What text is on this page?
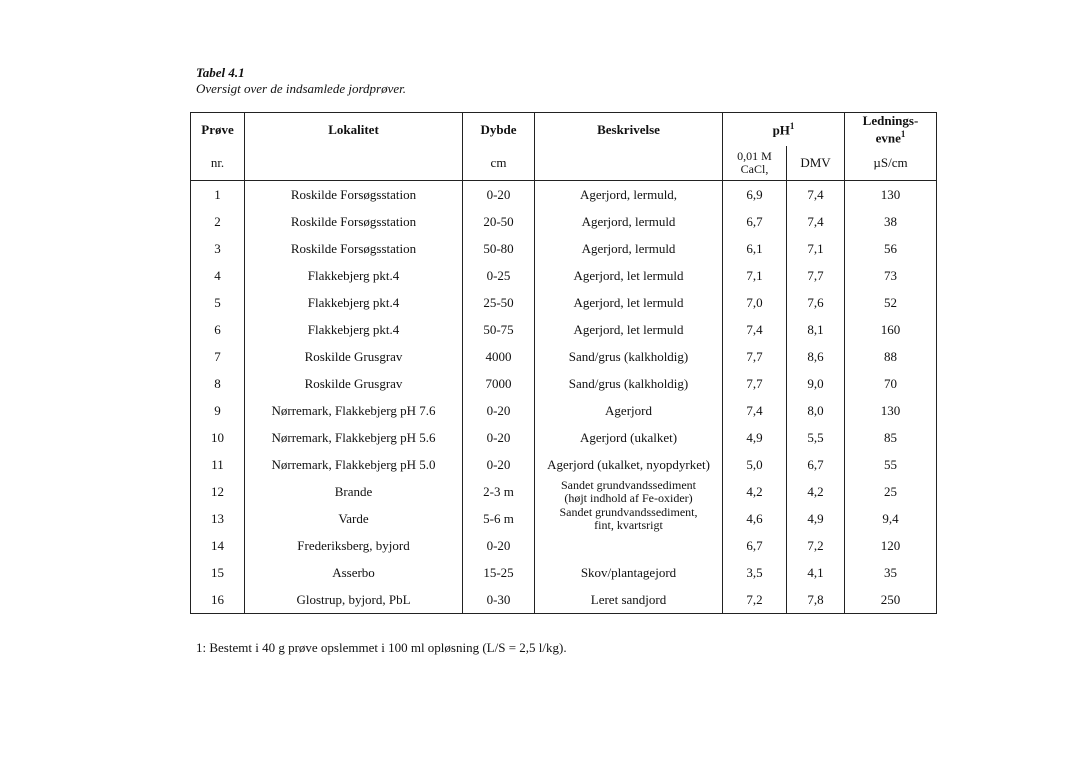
Tabel 4.1
Oversigt over de indsamlede jordprøver.
Prøve	Lokalitet	Dybde	Beskrivelse	$pH^1$		Lednings-
evne$^1$

nr.		cm		0,01 M
CaCl,	DMV	µS/cm
1	Roskilde Forsøgsstation	0-20	Agerjord, lermuld,	6,9	7,4	130
2	Roskilde Forsøgsstation	20-50	Agerjord, lermuld	6,7	7,4	38
3	Roskilde Forsøgsstation	50-80	Agerjord, lermuld	6,1	7,1	56
4	Flakkebjerg pkt.4	0-25	Agerjord, let lermuld	7,1	7,7	73
5	Flakkebjerg pkt.4	25-50	Agerjord, let lermuld	7,0	7,6	52
6	Flakkebjerg pkt.4	50-75	Agerjord, let lermuld	7,4	8,1	160
7	Roskilde Grusgrav	4000	Sand/grus (kalkholdig)	7,7	8,6	88
8	Roskilde Grusgrav	7000	Sand/grus (kalkholdig)	7,7	9,0	70
9	Nørremark, Flakkebjerg pH 7.6	0-20	Agerjord	7,4	8,0	130
10	Nørremark, Flakkebjerg pH 5.6	0-20	Agerjord (ukalket)	4,9	5,5	85
11	Nørremark, Flakkebjerg pH 5.0	0-20	Agerjord (ukalket, nyopdyrket)	5,0	6,7	55
12	Brande	2-3 m	Sandet grundvandssediment
(højt indhold af Fe-oxider)	4,2	4,2	25
13	Varde	5-6 m	Sandet grundvandssediment,
fint, kvartsrigt	4,6	4,9	9,4
14	Frederiksberg, byjord	0-20		6,7	7,2	120
15	Asserbo	15-25	Skov/plantagejord	3,5	4,1	35
16	Glostrup, byjord, PbL	0-30	Leret sandjord	7,2	7,8	250
1: Bestemt i 40 g prøve opslemmet i 100 ml opløsning (L/S = 2,5 l/kg).
